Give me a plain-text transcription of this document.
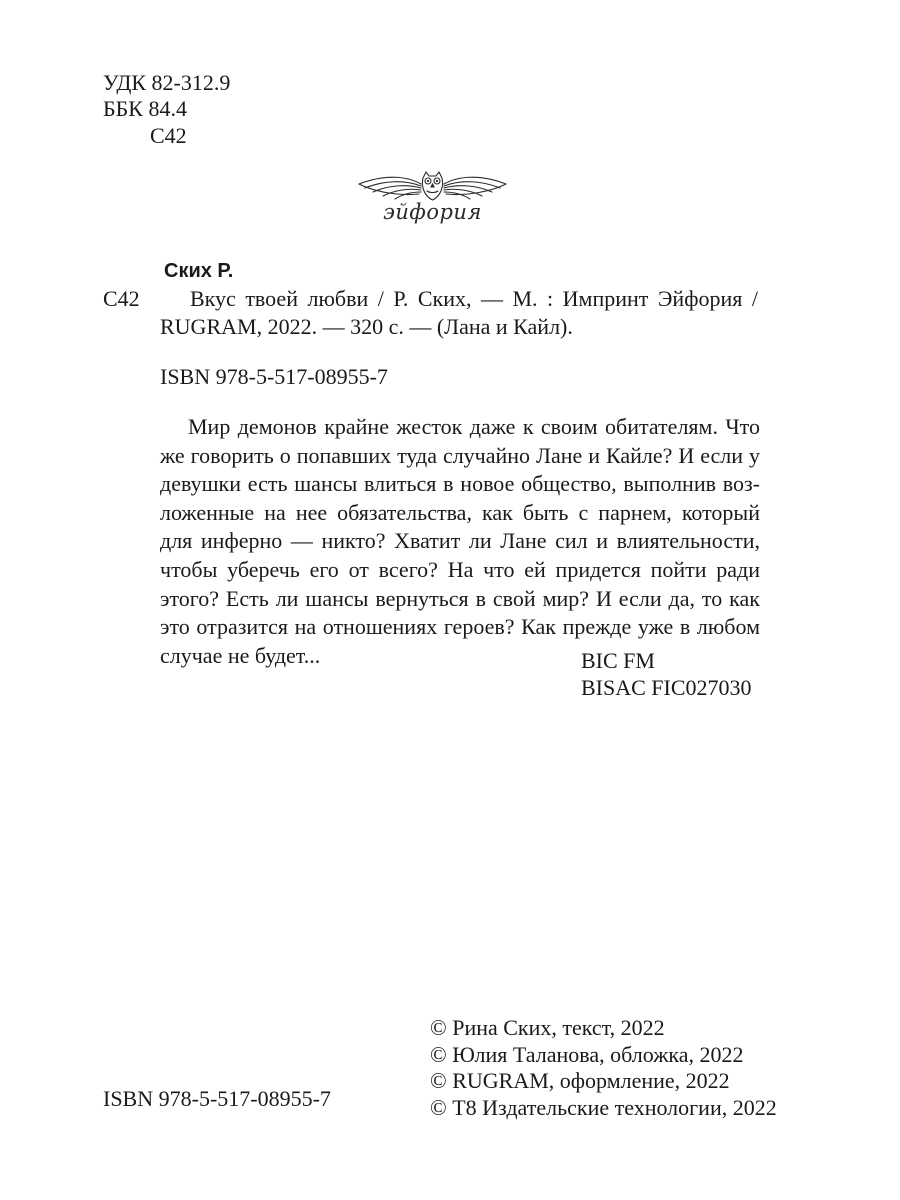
УДК 82-312.9
ББК 84.4
С42
эйфория
Ских Р.
С42 Вкус твоей любви / Р. Ских, — М. : Импринт Эйфория /
RUGRAM, 2022. — 320 с. — (Лана и Кайл).
ISBN 978-5-517-08955-7
Мир демонов крайне жесток даже к своим обитателям. Что же говорить о попавших туда случайно Лане и Кайле? И если у девушки есть шансы влиться в новое общество, выполнив возложенные на нее обязательства, как быть с парнем, который для инферно — никто? Хватит ли Лане сил и влиятельности, чтобы уберечь его от всего? На что ей придется пойти ради этого? Есть ли шансы вернуться в свой мир? И если да, то как это отразится на отношениях героев? Как прежде уже в любом случае не будет...	BIC FM
BISAC FIC027030
© Рина Ских, текст, 2022
© Юлия Таланова, обложка, 2022
© RUGRAM, оформление, 2022
© Т8 Издательские технологии, 2022
ISBN 978-5-517-08955-7
